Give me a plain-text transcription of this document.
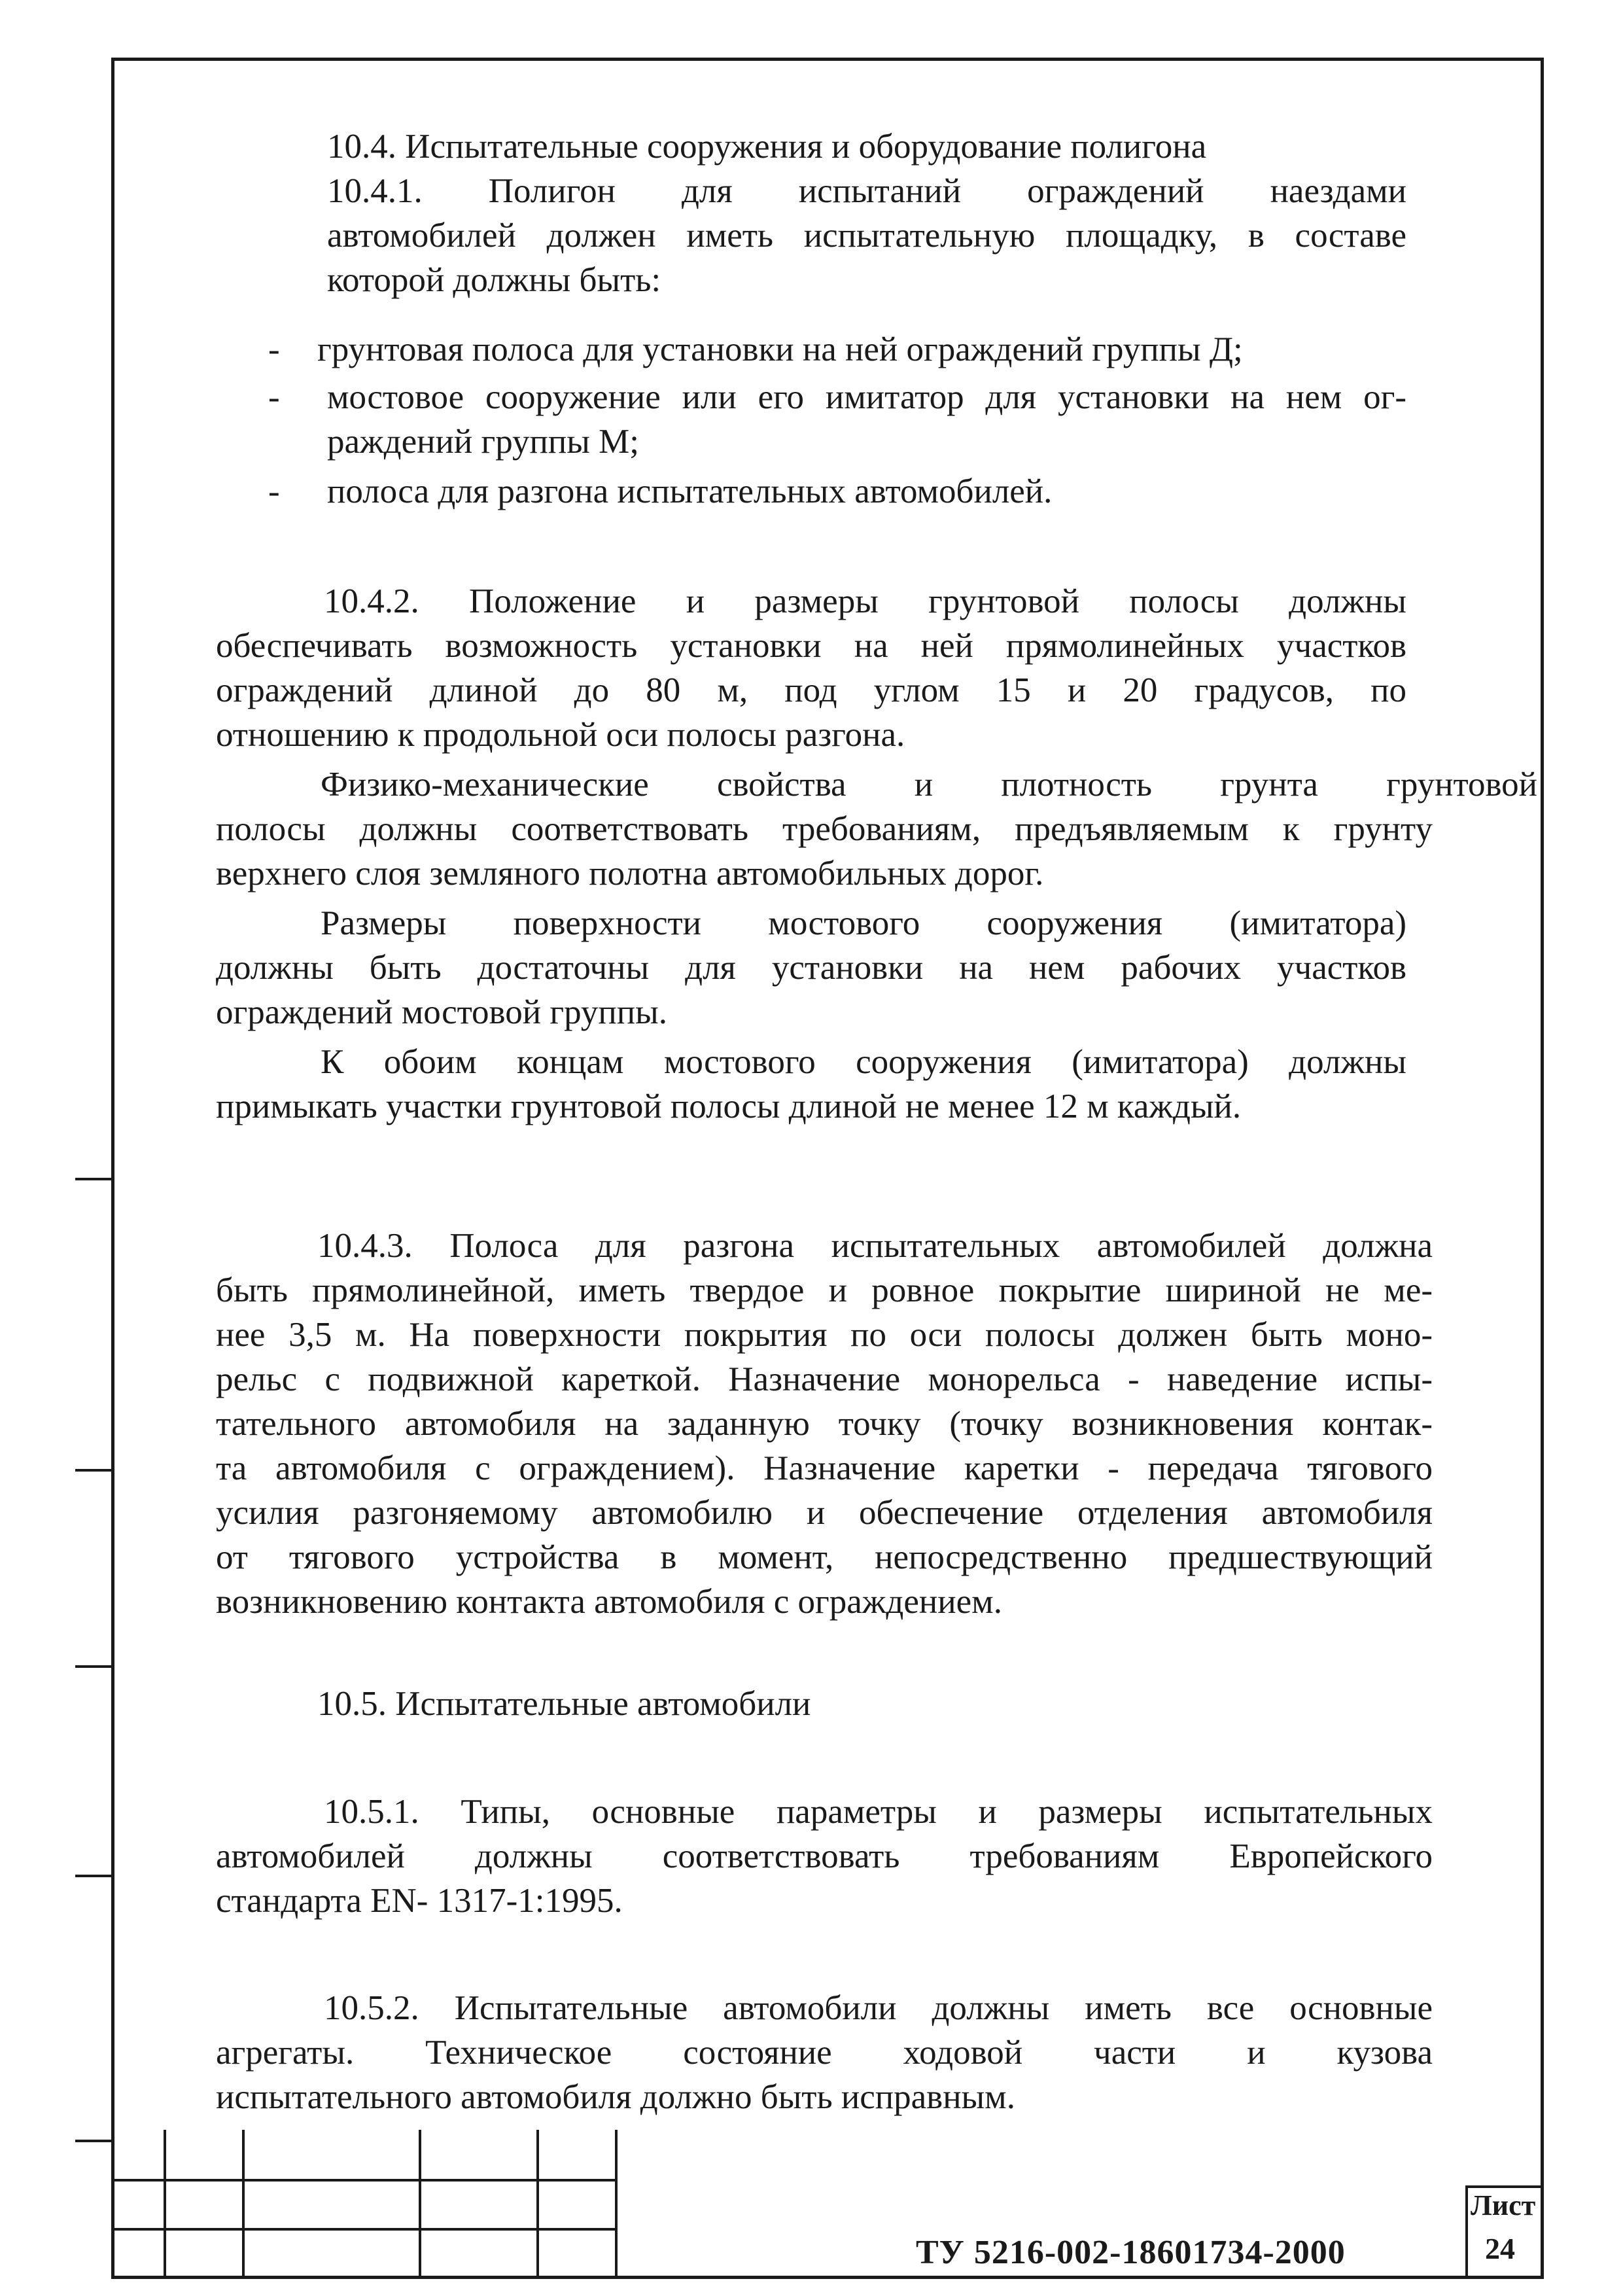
10.4. Испытательные сооружения и оборудование полигона
10.4.1. Полигон для испытаний ограждений наездами
автомобилей должен иметь испытательную площадку, в составе
которой должны быть:
- грунтовая полоса для установки на ней ограждений группы Д;
- мостовое сооружение или его имитатор для установки на нем ог-
раждений группы М;
- полоса для разгона испытательных автомобилей.
10.4.2. Положение и размеры грунтовой полосы должны
обеспечивать возможность установки на ней прямолинейных участков
ограждений длиной до 80 м, под углом 15 и 20 градусов, по
отношению к продольной оси полосы разгона.
Физико-механические свойства и плотность грунта грунтовой
полосы должны соответствовать требованиям, предъявляемым к грунту
верхнего слоя земляного полотна автомобильных дорог.
Размеры поверхности мостового сооружения (имитатора)
должны быть достаточны для установки на нем рабочих участков
ограждений мостовой группы.
К обоим концам мостового сооружения (имитатора) должны
примыкать участки грунтовой полосы длиной не менее 12 м каждый.
10.4.3. Полоса для разгона испытательных автомобилей должна
быть прямолинейной, иметь твердое и ровное покрытие шириной не ме-
нее 3,5 м. На поверхности покрытия по оси полосы должен быть моно-
рельс с подвижной кареткой. Назначение монорельса - наведение испы-
тательного автомобиля на заданную точку (точку возникновения контак-
та автомобиля с ограждением). Назначение каретки - передача тягового
усилия разгоняемому автомобилю и обеспечение отделения автомобиля
от тягового устройства в момент, непосредственно предшествующий
возникновению контакта автомобиля с ограждением.
10.5. Испытательные автомобили
10.5.1. Типы, основные параметры и размеры испытательных
автомобилей должны соответствовать требованиям Европейского
стандарта EN- 1317-1:1995.
10.5.2. Испытательные автомобили должны иметь все основные
агрегаты. Техническое состояние ходовой части и кузова
испытательного автомобиля должно быть исправным.
ТУ 5216-002-18601734-2000
Лист
24
